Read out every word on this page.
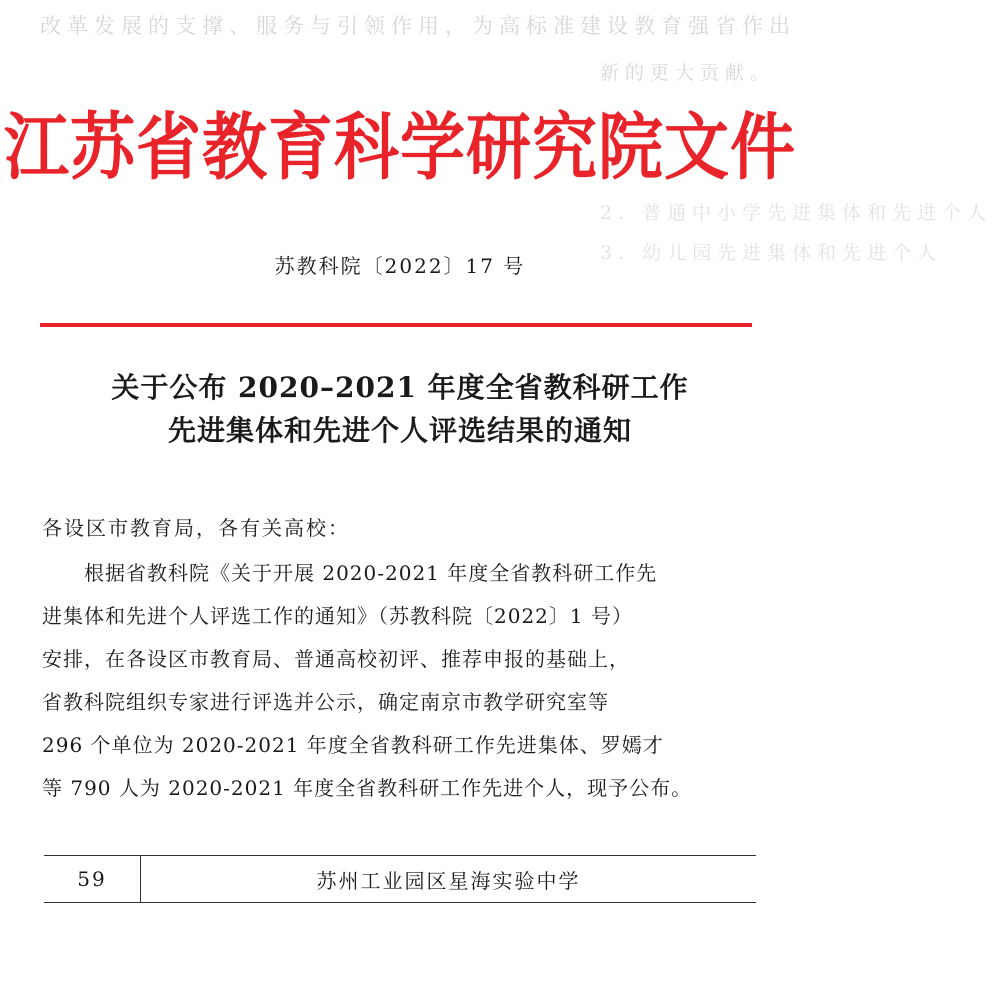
改革发展的支撑、服务与引领作用，为高标准建设教育强省作出
新的更大贡献。
2. 普通中小学先进集体和先进个人
3. 幼儿园先进集体和先进个人
江苏省教育科学研究院文件
苏教科院〔2022〕17 号
关于公布 2020–2021 年度全省教科研工作
先进集体和先进个人评选结果的通知
各设区市教育局，各有关高校：
根据省教科院《关于开展 2020-2021 年度全省教科研工作先
进集体和先进个人评选工作的通知》（苏教科院〔2022〕1 号）
安排，在各设区市教育局、普通高校初评、推荐申报的基础上，
省教科院组织专家进行评选并公示，确定南京市教学研究室等
296 个单位为 2020-2021 年度全省教科研工作先进集体、罗嫣才
等 790 人为 2020-2021 年度全省教科研工作先进个人，现予公布。
59	苏州工业园区星海实验中学
